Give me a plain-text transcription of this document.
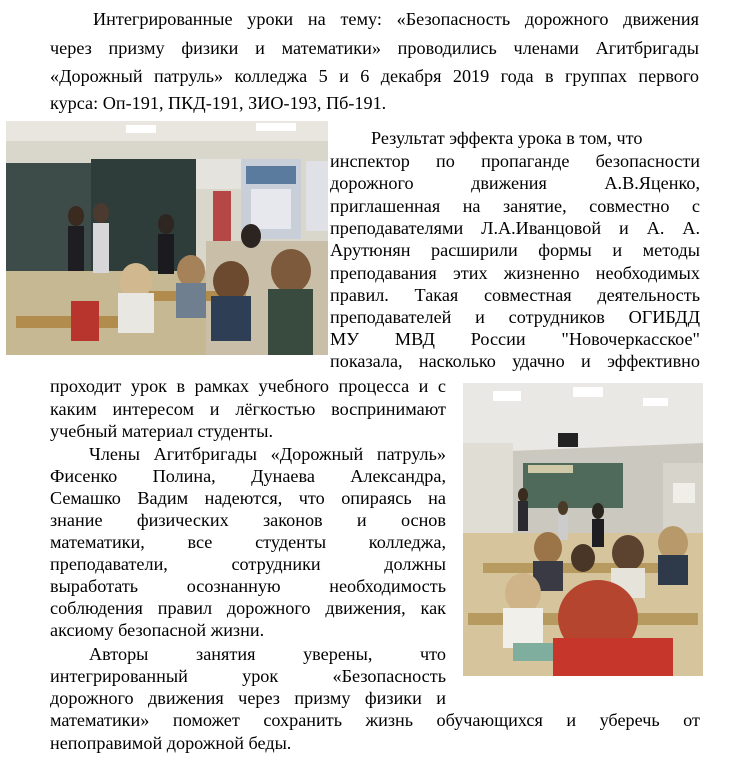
Интегрированные уроки на тему: «Безопасность дорожного движения
через призму физики и математики» проводились членами Агитбригады
«Дорожный патруль» колледжа 5 и 6 декабря 2019 года в группах первого
курса: Оп-191, ПКД-191, ЗИО-193, Пб-191.
Результат эффекта урока в том, что
инспектор по пропаганде безопасности
дорожного движения А.В.Яценко,
приглашенная на занятие, совместно с
преподавателями Л.А.Иванцовой и А. А.
Арутюнян расширили формы и методы
преподавания этих жизненно необходимых
правил. Такая совместная деятельность
преподавателей и сотрудников ОГИБДД
МУ МВД России "Новочеркасское"
показала, насколько удачно и эффективно
проходит урок в рамках учебного процесса и с
каким интересом и лёгкостью воспринимают
учебный материал студенты.
Члены Агитбригады «Дорожный патруль»
Фисенко Полина, Дунаева Александра,
Семашко Вадим надеются, что опираясь на
знание физических законов и основ
математики, все студенты колледжа,
преподаватели, сотрудники должны
выработать осознанную необходимость
соблюдения правил дорожного движения, как
аксиому безопасной жизни.
Авторы занятия уверены, что
интегрированный урок «Безопасность
дорожного движения через призму физики и
математики» поможет сохранить жизнь обучающихся и уберечь от
непоправимой дорожной беды.
